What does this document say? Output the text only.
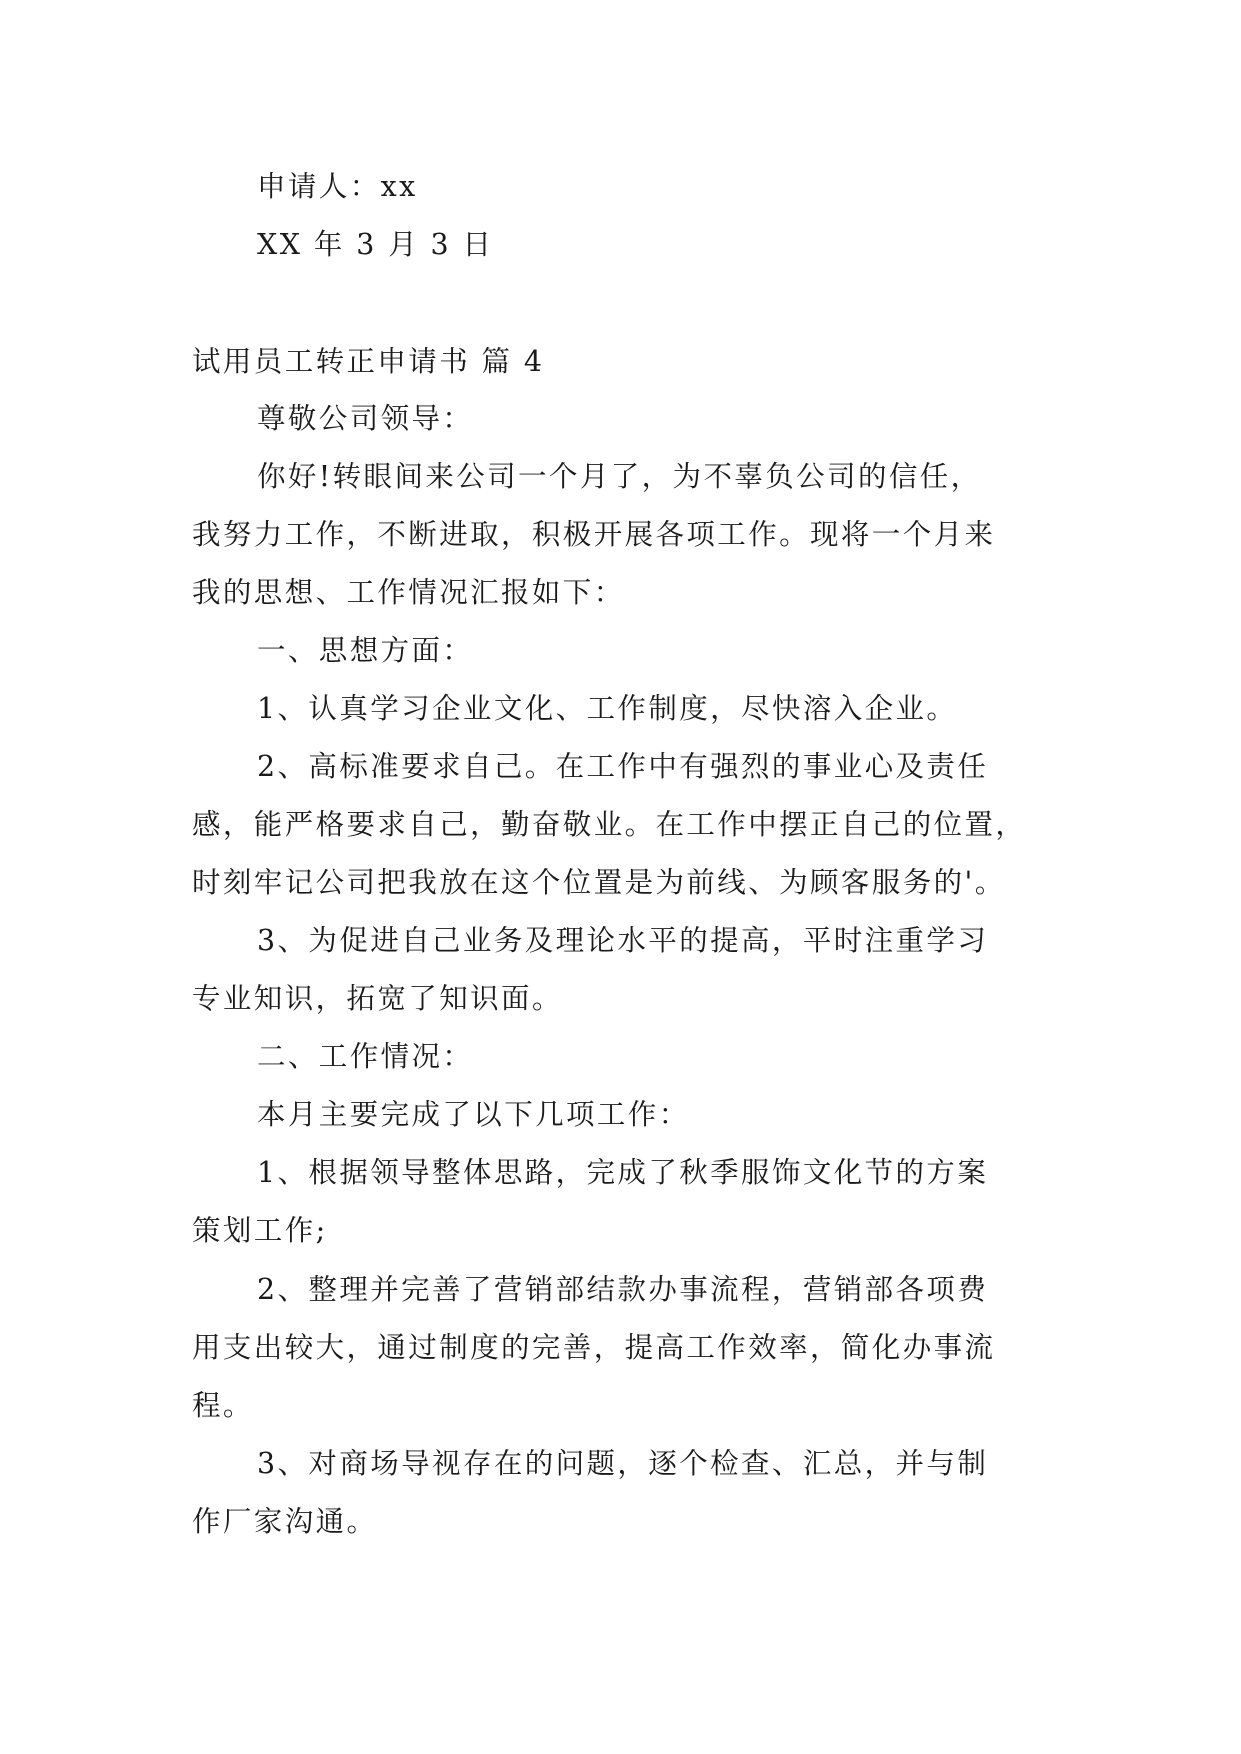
申请人：xx
XX 年 3 月 3 日
试用员工转正申请书 篇 4
尊敬公司领导：
你好!转眼间来公司一个月了，为不辜负公司的信任，
我努力工作，不断进取，积极开展各项工作。现将一个月来
我的思想、工作情况汇报如下：
一、思想方面：
1、认真学习企业文化、工作制度，尽快溶入企业。
2、高标准要求自己。在工作中有强烈的事业心及责任
感，能严格要求自己，勤奋敬业。在工作中摆正自己的位置，
时刻牢记公司把我放在这个位置是为前线、为顾客服务的'。
3、为促进自己业务及理论水平的提高，平时注重学习
专业知识，拓宽了知识面。
二、工作情况：
本月主要完成了以下几项工作：
1、根据领导整体思路，完成了秋季服饰文化节的方案
策划工作;
2、整理并完善了营销部结款办事流程，营销部各项费
用支出较大，通过制度的完善，提高工作效率，简化办事流
程。
3、对商场导视存在的问题，逐个检查、汇总，并与制
作厂家沟通。
